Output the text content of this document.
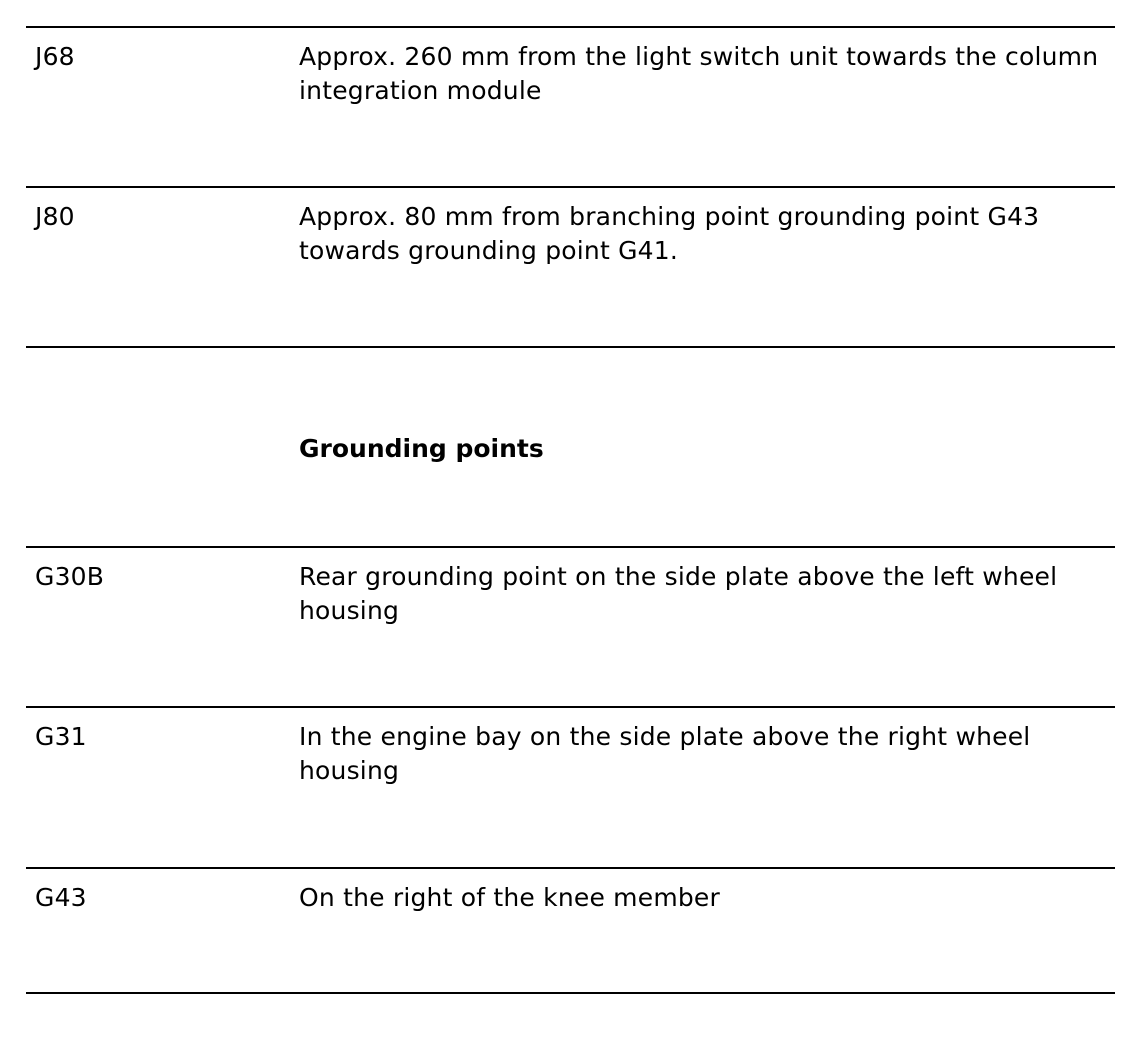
J68	Approx. 260 mm from the light switch unit towards the column integration module
J80	Approx. 80 mm from branching point grounding point G43 towards grounding point G41.
Grounding points
G30B	Rear grounding point on the side plate above the left wheel housing
G31	In the engine bay on the side plate above the right wheel housing
G43	On the right of the knee member
